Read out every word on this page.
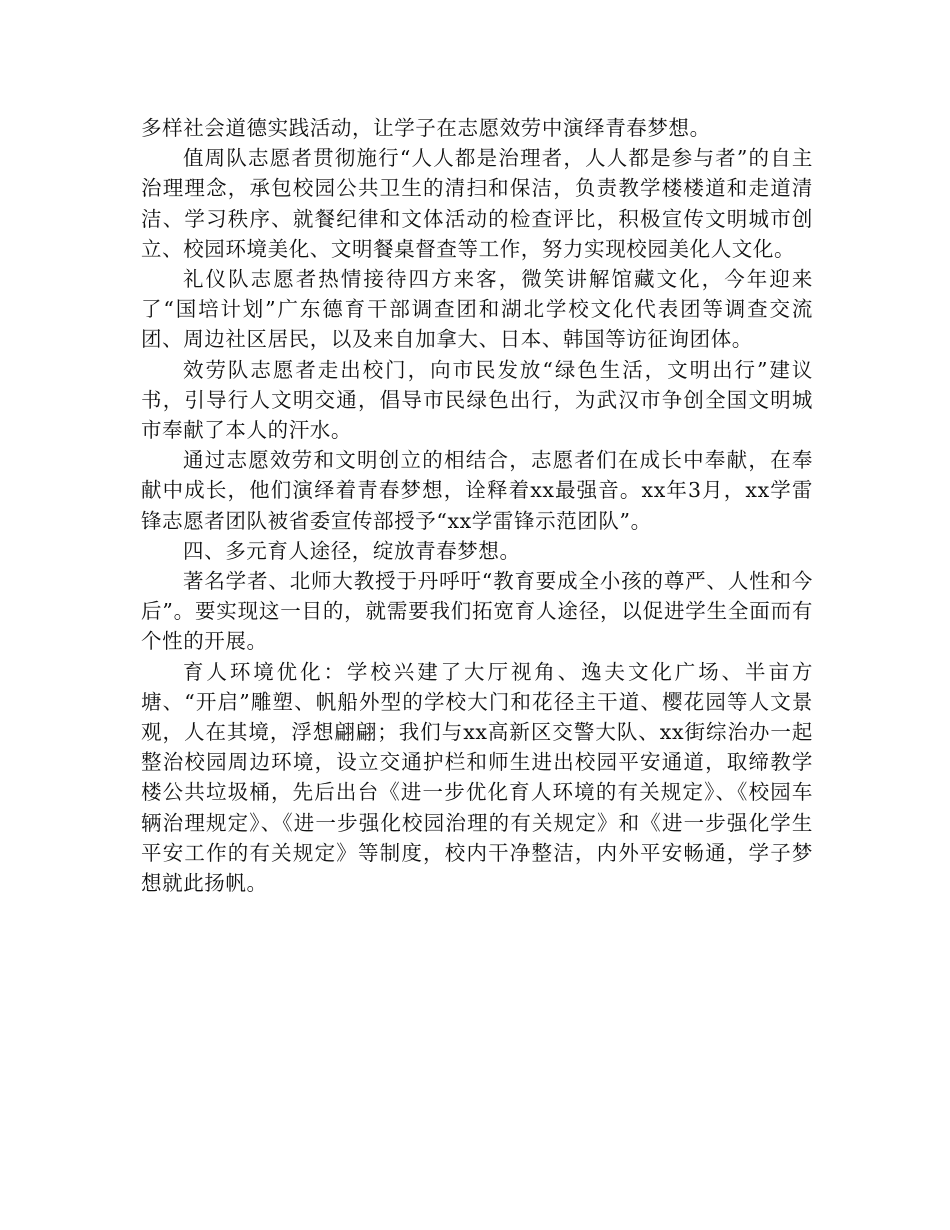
多样社会道德实践活动，让学子在志愿效劳中演绎青春梦想。

值周队志愿者贯彻施行“人人都是治理者，人人都是参与者”的自主治理理念，承包校园公共卫生的清扫和保洁，负责教学楼楼道和走道清洁、学习秩序、就餐纪律和文体活动的检查评比，积极宣传文明城市创立、校园环境美化、文明餐桌督查等工作，努力实现校园美化人文化。

礼仪队志愿者热情接待四方来客，微笑讲解馆藏文化，今年迎来了“国培计划”广东德育干部调查团和湖北学校文化代表团等调查交流团、周边社区居民，以及来自加拿大、日本、韩国等访征询团体。

效劳队志愿者走出校门，向市民发放“绿色生活，文明出行”建议书，引导行人文明交通，倡导市民绿色出行，为武汉市争创全国文明城市奉献了本人的汗水。

通过志愿效劳和文明创立的相结合，志愿者们在成长中奉献，在奉献中成长，他们演绎着青春梦想，诠释着xx最强音。xx年3月，xx学雷锋志愿者团队被省委宣传部授予“xx学雷锋示范团队”。

四、多元育人途径，绽放青春梦想。

著名学者、北师大教授于丹呼吁“教育要成全小孩的尊严、人性和今后”。要实现这一目的，就需要我们拓宽育人途径，以促进学生全面而有个性的开展。

育人环境优化：学校兴建了大厅视角、逸夫文化广场、半亩方塘、“开启”雕塑、帆船外型的学校大门和花径主干道、樱花园等人文景观，人在其境，浮想翩翩；我们与xx高新区交警大队、xx街综治办一起整治校园周边环境，设立交通护栏和师生进出校园平安通道，取缔教学楼公共垃圾桶，先后出台《进一步优化育人环境的有关规定》、《校园车辆治理规定》、《进一步强化校园治理的有关规定》和《进一步强化学生平安工作的有关规定》等制度，校内干净整洁，内外平安畅通，学子梦想就此扬帆。
